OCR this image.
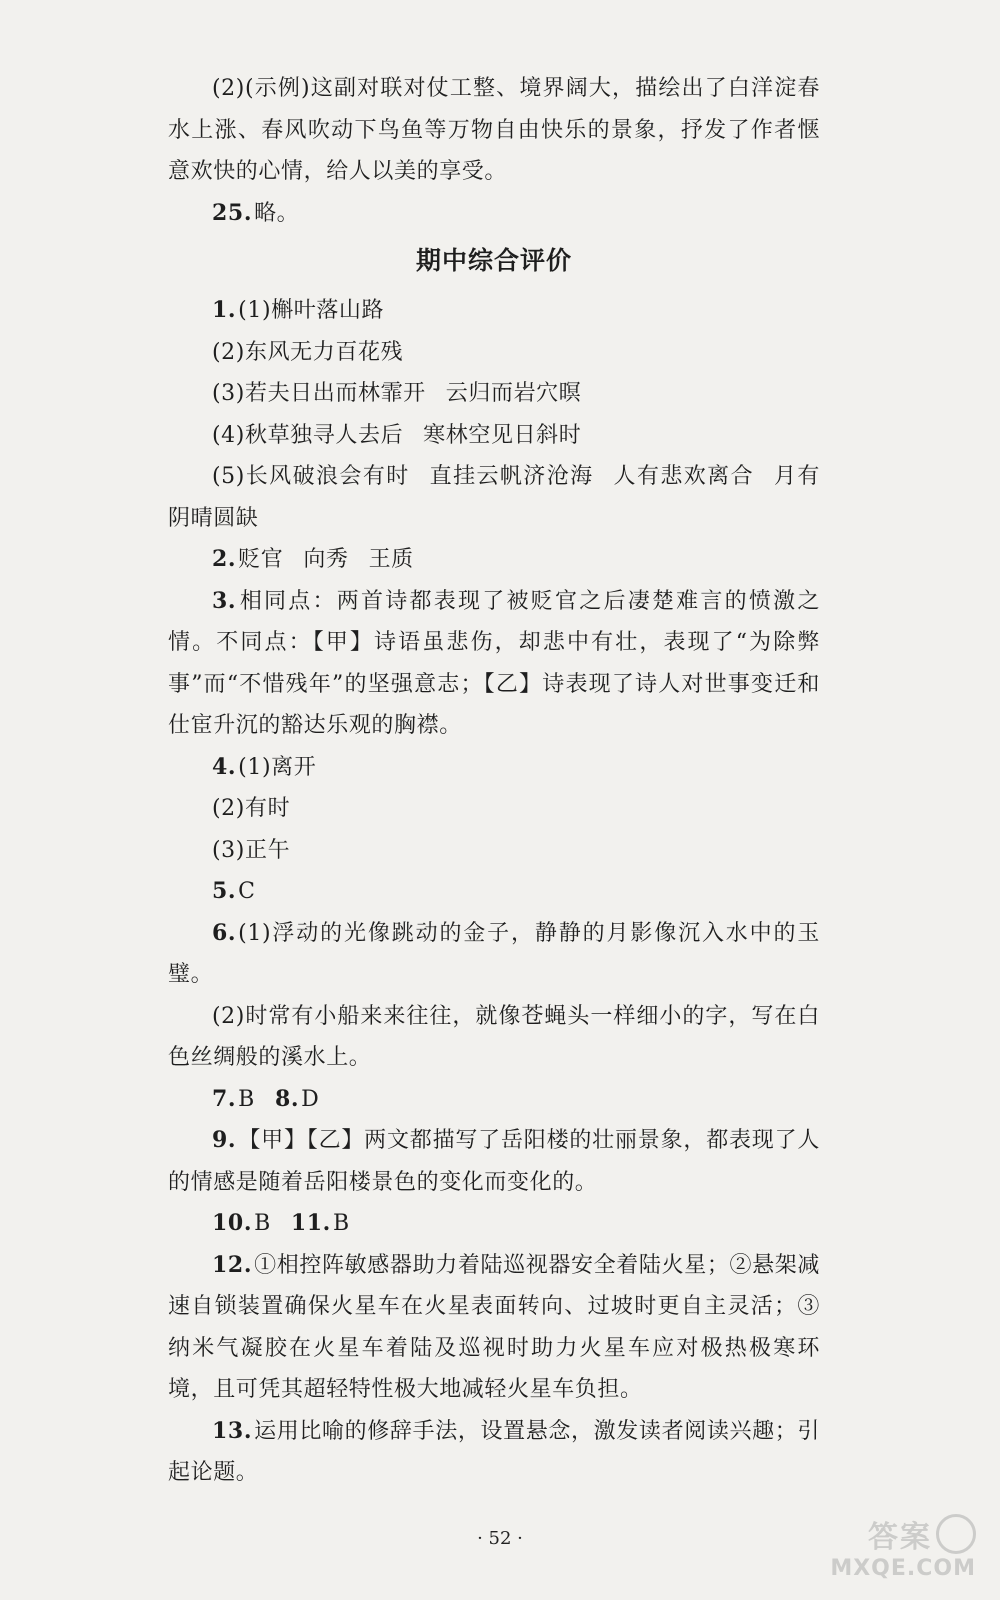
(2)(示例)这副对联对仗工整、境界阔大，描绘出了白洋淀春水上涨、春风吹动下鸟鱼等万物自由快乐的景象，抒发了作者惬意欢快的心情，给人以美的享受。

25.略。

期中综合评价

1.(1)槲叶落山路

(2)东风无力百花残

(3)若夫日出而林霏开 云归而岩穴暝

(4)秋草独寻人去后 寒林空见日斜时

(5)长风破浪会有时 直挂云帆济沧海 人有悲欢离合 月有阴晴圆缺

2.贬官 向秀 王质

3.相同点：两首诗都表现了被贬官之后凄楚难言的愤激之情。不同点：【甲】诗语虽悲伤，却悲中有壮，表现了“为除弊事”而“不惜残年”的坚强意志；【乙】诗表现了诗人对世事变迁和仕宦升沉的豁达乐观的胸襟。

4.(1)离开

(2)有时

(3)正午

5.C

6.(1)浮动的光像跳动的金子，静静的月影像沉入水中的玉璧。

(2)时常有小船来来往往，就像苍蝇头一样细小的字，写在白色丝绸般的溪水上。

7.B 8.D

9.【甲】【乙】两文都描写了岳阳楼的壮丽景象，都表现了人的情感是随着岳阳楼景色的变化而变化的。

10.B 11.B

12.①相控阵敏感器助力着陆巡视器安全着陆火星；②悬架减速自锁装置确保火星车在火星表面转向、过坡时更自主灵活；③纳米气凝胶在火星车着陆及巡视时助力火星车应对极热极寒环境，且可凭其超轻特性极大地减轻火星车负担。

13.运用比喻的修辞手法，设置悬念，激发读者阅读兴趣；引起论题。

· 52 ·	答案
MXQE.COM
